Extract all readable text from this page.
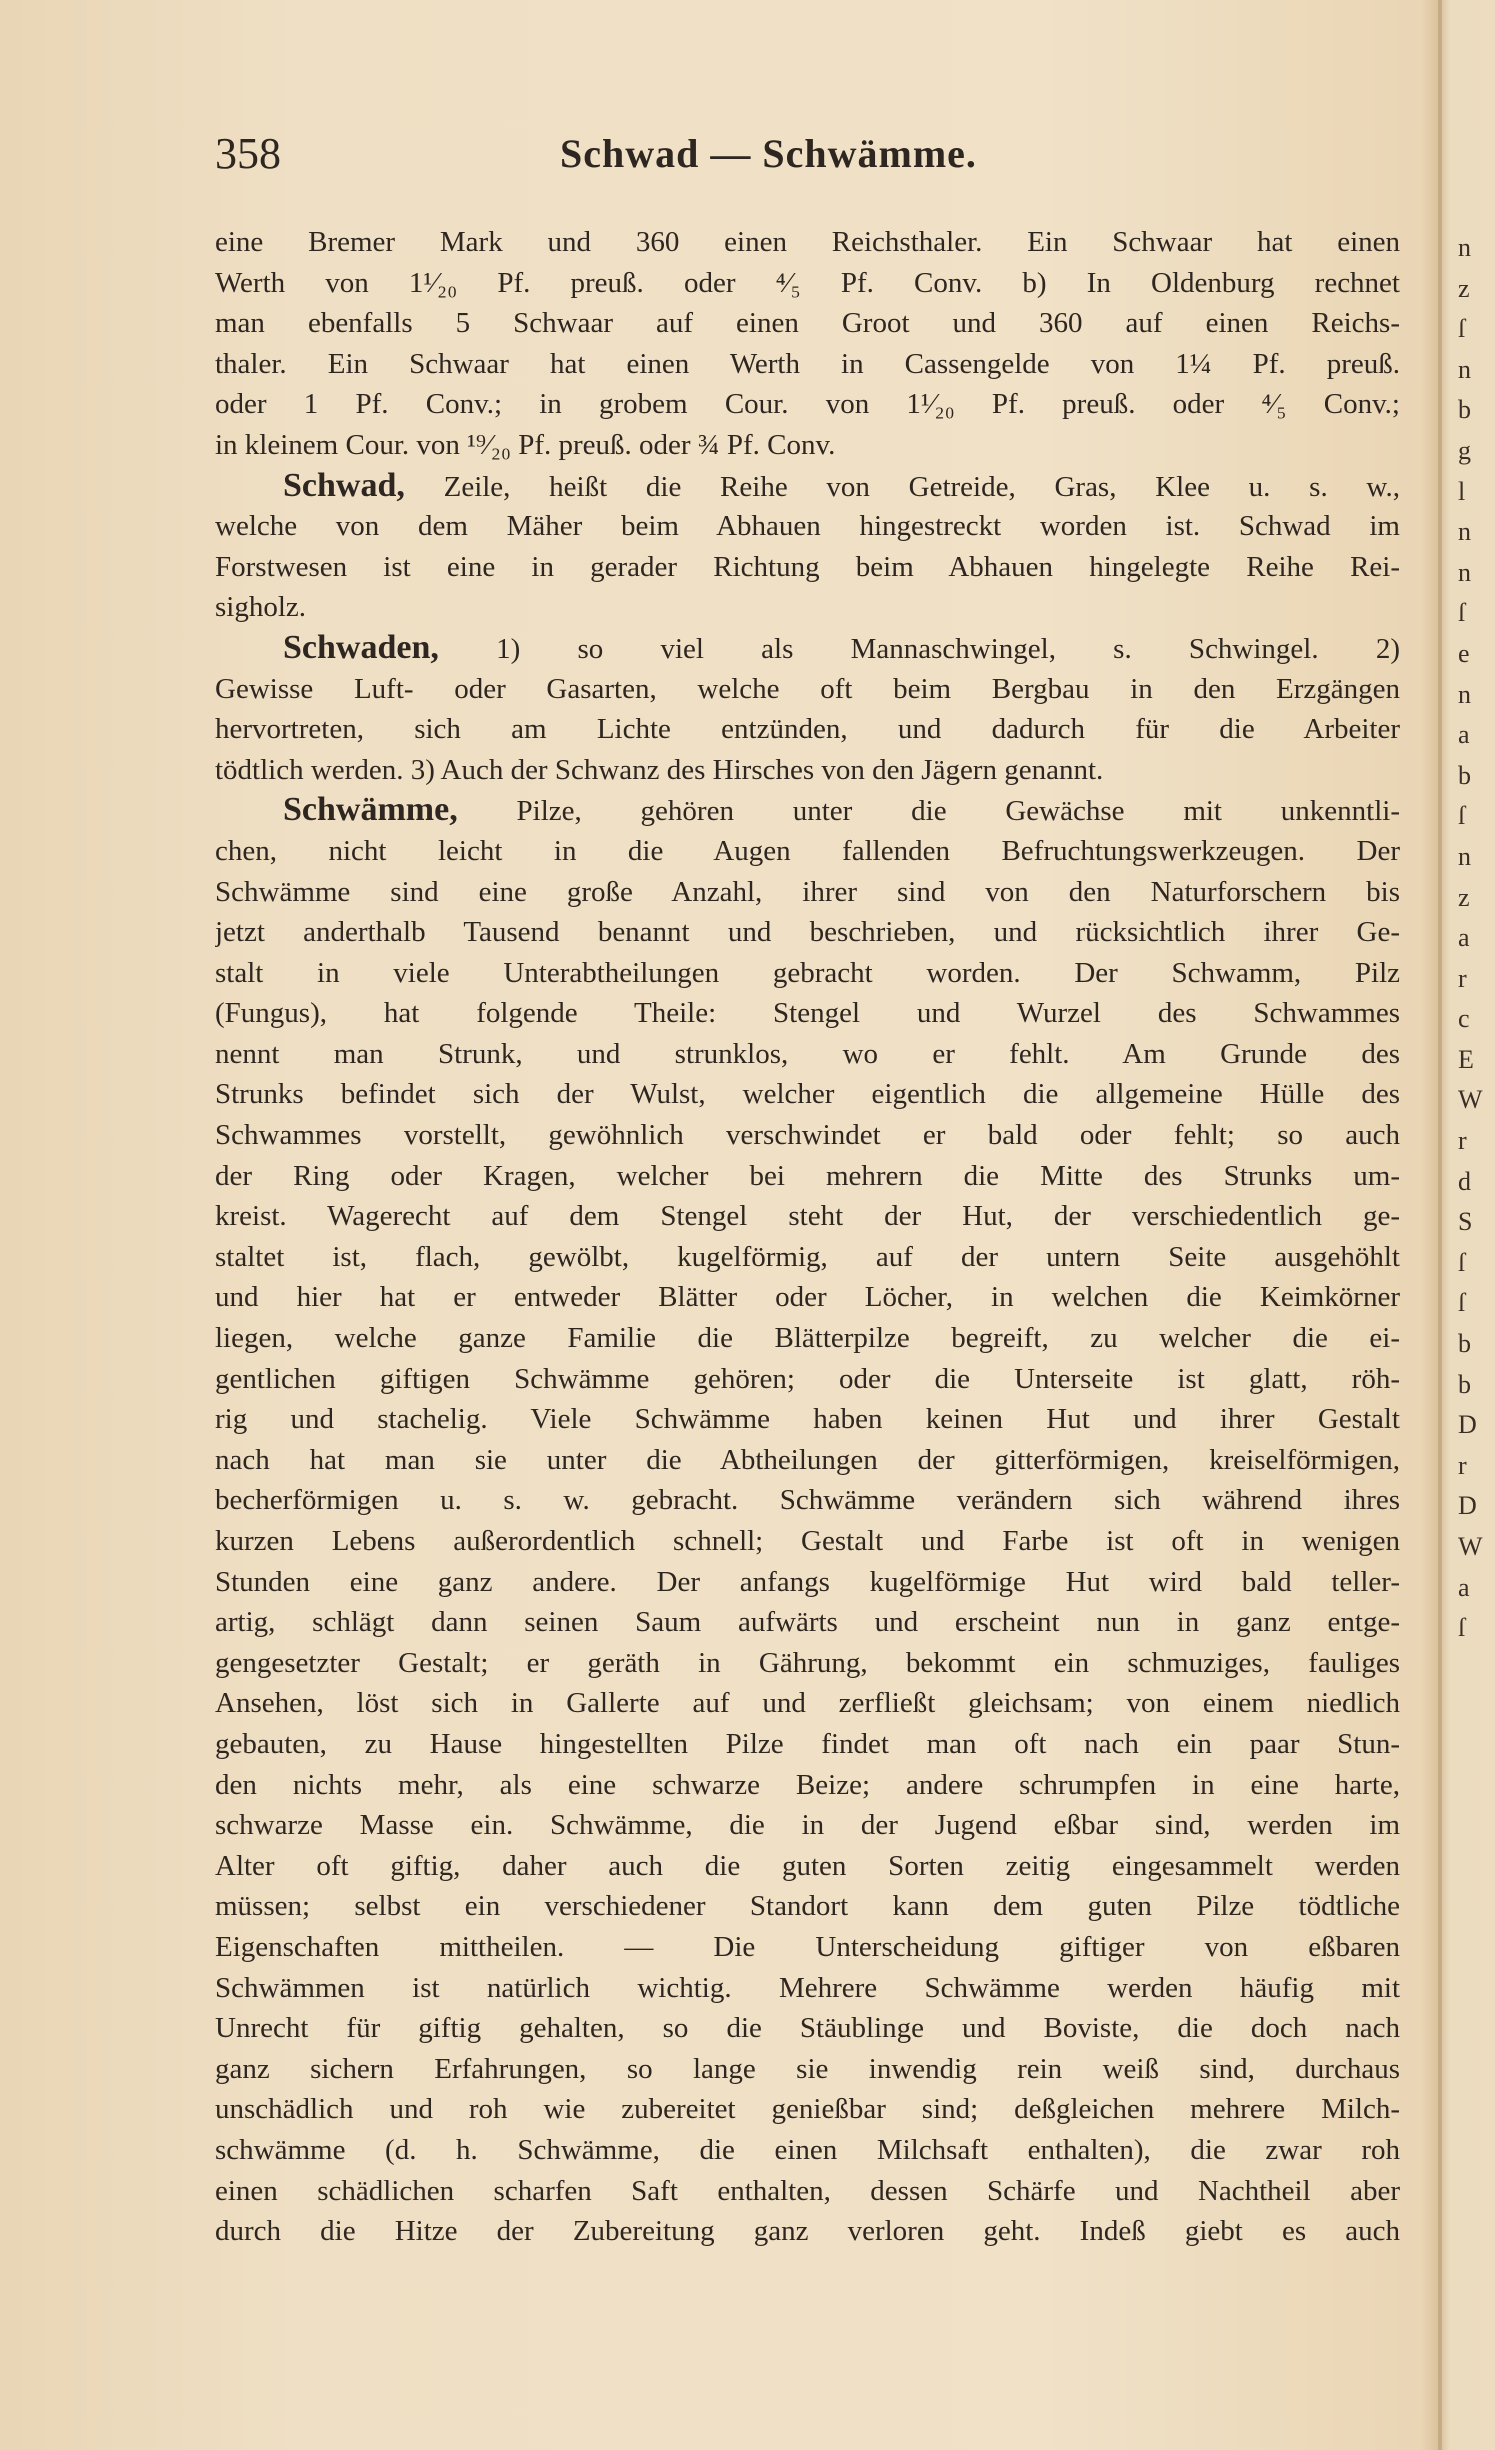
358	Schwad — Schwämme.
eine Bremer Mark und 360 einen Reichsthaler. Ein Schwaar hat einen
Werth von 1¹⁄₂₀ Pf. preuß. oder ⁴⁄₅ Pf. Conv. b) In Oldenburg rechnet
man ebenfalls 5 Schwaar auf einen Groot und 360 auf einen Reichs-
thaler. Ein Schwaar hat einen Werth in Cassengelde von 1¼ Pf. preuß.
oder 1 Pf. Conv.; in grobem Cour. von 1¹⁄₂₀ Pf. preuß. oder ⁴⁄₅ Conv.;
in kleinem Cour. von ¹⁹⁄₂₀ Pf. preuß. oder ¾ Pf. Conv.
Schwad, Zeile, heißt die Reihe von Getreide, Gras, Klee u. s. w.,
welche von dem Mäher beim Abhauen hingestreckt worden ist. Schwad im
Forstwesen ist eine in gerader Richtung beim Abhauen hingelegte Reihe Rei-
sigholz.
Schwaden, 1) so viel als Mannaschwingel, s. Schwingel. 2)
Gewisse Luft- oder Gasarten, welche oft beim Bergbau in den Erzgängen
hervortreten, sich am Lichte entzünden, und dadurch für die Arbeiter
tödtlich werden. 3) Auch der Schwanz des Hirsches von den Jägern genannt.
Schwämme, Pilze, gehören unter die Gewächse mit unkenntli-
chen, nicht leicht in die Augen fallenden Befruchtungswerkzeugen. Der
Schwämme sind eine große Anzahl, ihrer sind von den Naturforschern bis
jetzt anderthalb Tausend benannt und beschrieben, und rücksichtlich ihrer Ge-
stalt in viele Unterabtheilungen gebracht worden. Der Schwamm, Pilz
(Fungus), hat folgende Theile: Stengel und Wurzel des Schwammes
nennt man Strunk, und strunklos, wo er fehlt. Am Grunde des
Strunks befindet sich der Wulst, welcher eigentlich die allgemeine Hülle des
Schwammes vorstellt, gewöhnlich verschwindet er bald oder fehlt; so auch
der Ring oder Kragen, welcher bei mehrern die Mitte des Strunks um-
kreist. Wagerecht auf dem Stengel steht der Hut, der verschiedentlich ge-
staltet ist, flach, gewölbt, kugelförmig, auf der untern Seite ausgehöhlt
und hier hat er entweder Blätter oder Löcher, in welchen die Keimkörner
liegen, welche ganze Familie die Blätterpilze begreift, zu welcher die ei-
gentlichen giftigen Schwämme gehören; oder die Unterseite ist glatt, röh-
rig und stachelig. Viele Schwämme haben keinen Hut und ihrer Gestalt
nach hat man sie unter die Abtheilungen der gitterförmigen, kreiselförmigen,
becherförmigen u. s. w. gebracht. Schwämme verändern sich während ihres
kurzen Lebens außerordentlich schnell; Gestalt und Farbe ist oft in wenigen
Stunden eine ganz andere. Der anfangs kugelförmige Hut wird bald teller-
artig, schlägt dann seinen Saum aufwärts und erscheint nun in ganz entge-
gengesetzter Gestalt; er geräth in Gährung, bekommt ein schmuziges, fauliges
Ansehen, löst sich in Gallerte auf und zerfließt gleichsam; von einem niedlich
gebauten, zu Hause hingestellten Pilze findet man oft nach ein paar Stun-
den nichts mehr, als eine schwarze Beize; andere schrumpfen in eine harte,
schwarze Masse ein. Schwämme, die in der Jugend eßbar sind, werden im
Alter oft giftig, daher auch die guten Sorten zeitig eingesammelt werden
müssen; selbst ein verschiedener Standort kann dem guten Pilze tödtliche
Eigenschaften mittheilen. — Die Unterscheidung giftiger von eßbaren
Schwämmen ist natürlich wichtig. Mehrere Schwämme werden häufig mit
Unrecht für giftig gehalten, so die Stäublinge und Boviste, die doch nach
ganz sichern Erfahrungen, so lange sie inwendig rein weiß sind, durchaus
unschädlich und roh wie zubereitet genießbar sind; deßgleichen mehrere Milch-
schwämme (d. h. Schwämme, die einen Milchsaft enthalten), die zwar roh
einen schädlichen scharfen Saft enthalten, dessen Schärfe und Nachtheil aber
durch die Hitze der Zubereitung ganz verloren geht. Indeß giebt es auch
n
z
ſ
n
b
g
l
n
n
ſ
e
n
a
b
ſ
n
z
a
r
c
E
W
r
d
S
ſ
ſ
b
b
D
r
D
W
a
ſ
